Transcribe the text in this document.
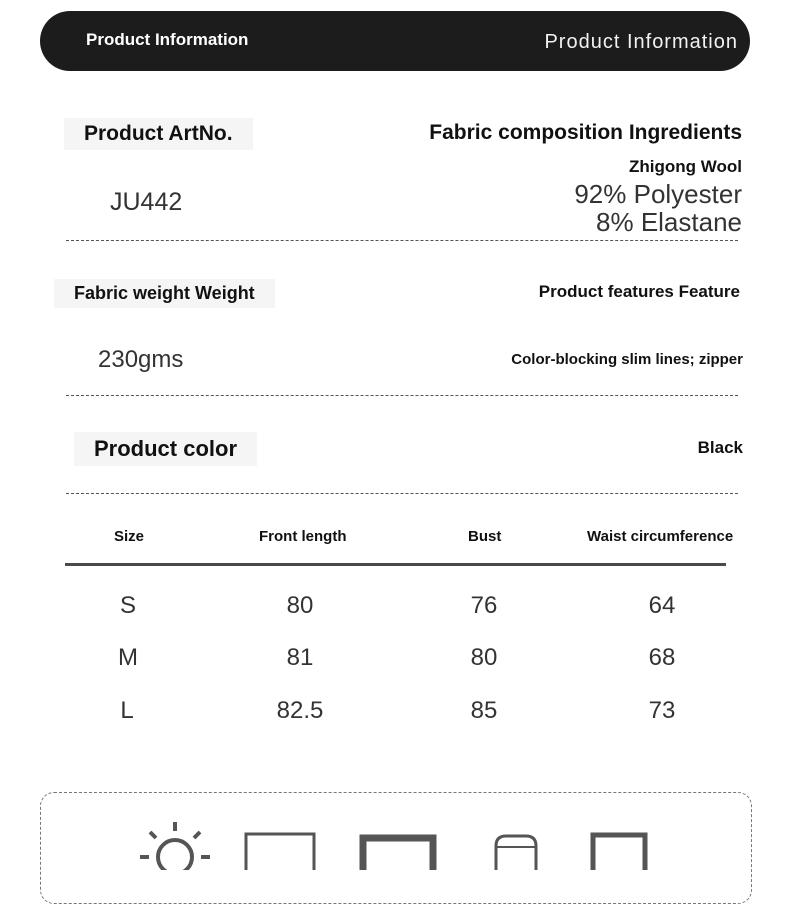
Product Information	Product Information
Product ArtNo.
JU442
Fabric composition Ingredients
Zhigong Wool
92% Polyester
8% Elastane
Fabric weight Weight
230gms
Product features Feature
Color-blocking slim lines; zipper
Product color	Black
Size	Front length	Bust	Waist circumference
S	80	76	64
M	81	80	68
L	82.5	85	73
